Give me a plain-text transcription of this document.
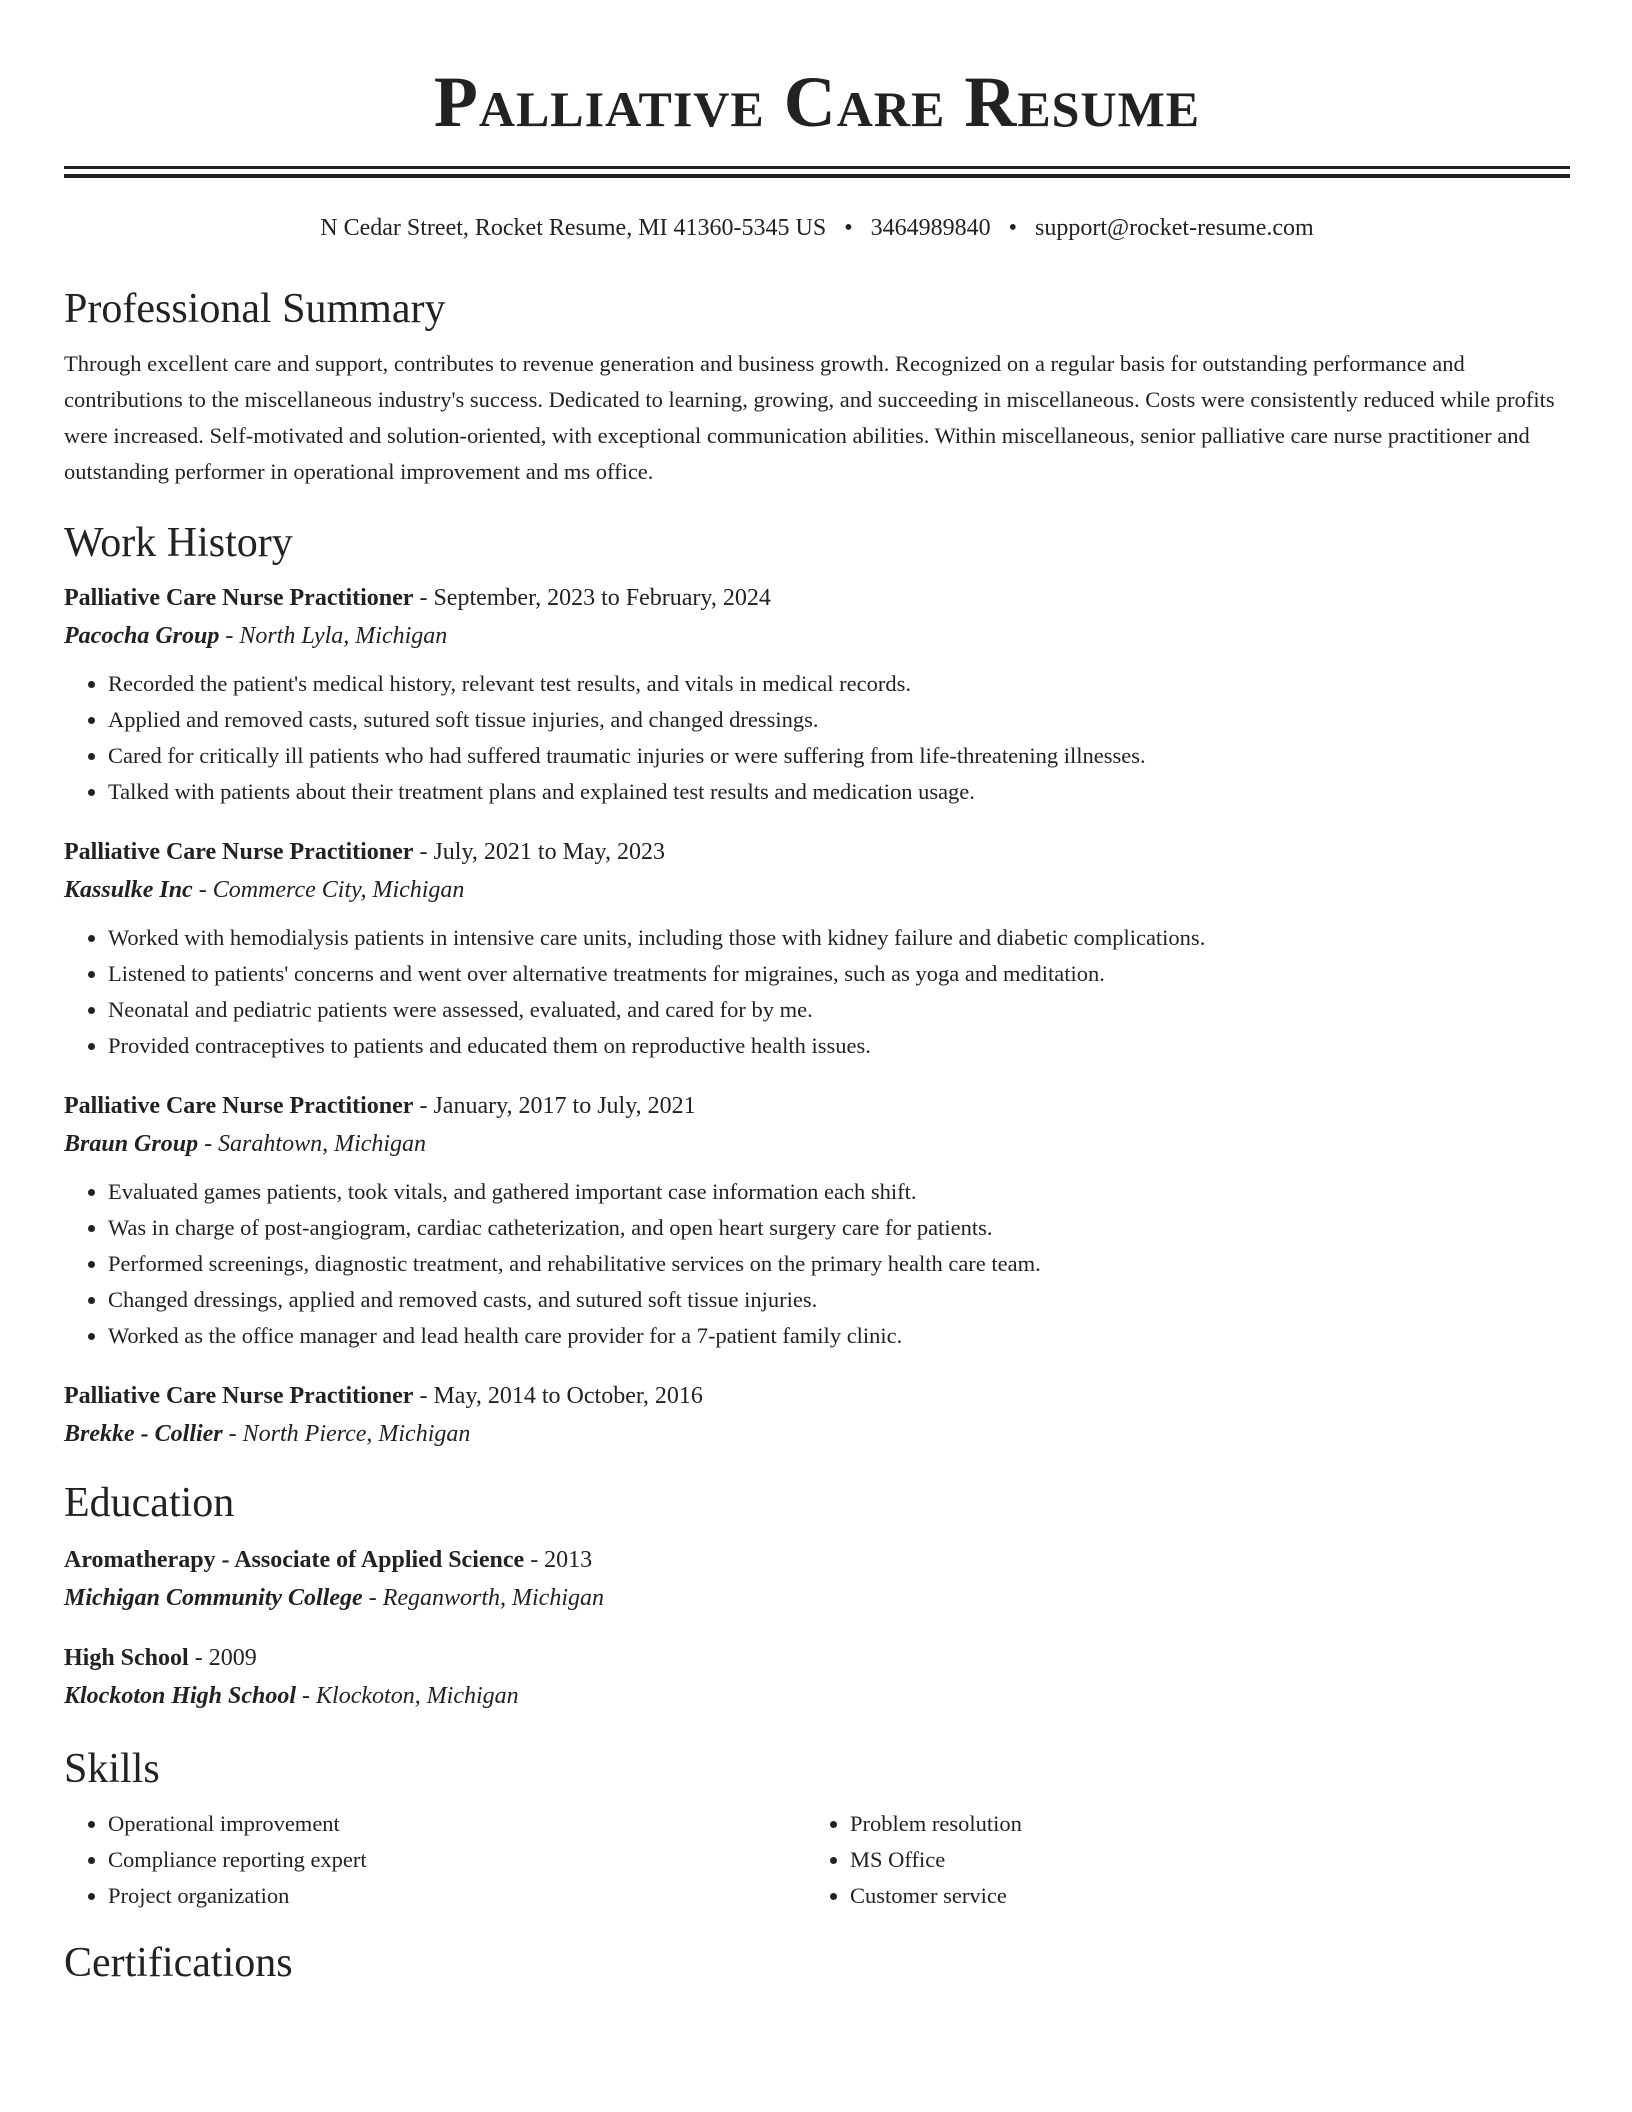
Palliative Care Resume
N Cedar Street, Rocket Resume, MI 41360-5345 US • 3464989840 • support@rocket-resume.com
Professional Summary
Through excellent care and support, contributes to revenue generation and business growth. Recognized on a regular basis for outstanding performance and contributions to the miscellaneous industry's success. Dedicated to learning, growing, and succeeding in miscellaneous. Costs were consistently reduced while profits were increased. Self-motivated and solution-oriented, with exceptional communication abilities. Within miscellaneous, senior palliative care nurse practitioner and outstanding performer in operational improvement and ms office.
Work History
Palliative Care Nurse Practitioner - September, 2023 to February, 2024
Pacocha Group - North Lyla, Michigan
• Recorded the patient's medical history, relevant test results, and vitals in medical records.
• Applied and removed casts, sutured soft tissue injuries, and changed dressings.
• Cared for critically ill patients who had suffered traumatic injuries or were suffering from life-threatening illnesses.
• Talked with patients about their treatment plans and explained test results and medication usage.
Palliative Care Nurse Practitioner - July, 2021 to May, 2023
Kassulke Inc - Commerce City, Michigan
• Worked with hemodialysis patients in intensive care units, including those with kidney failure and diabetic complications.
• Listened to patients' concerns and went over alternative treatments for migraines, such as yoga and meditation.
• Neonatal and pediatric patients were assessed, evaluated, and cared for by me.
• Provided contraceptives to patients and educated them on reproductive health issues.
Palliative Care Nurse Practitioner - January, 2017 to July, 2021
Braun Group - Sarahtown, Michigan
• Evaluated games patients, took vitals, and gathered important case information each shift.
• Was in charge of post-angiogram, cardiac catheterization, and open heart surgery care for patients.
• Performed screenings, diagnostic treatment, and rehabilitative services on the primary health care team.
• Changed dressings, applied and removed casts, and sutured soft tissue injuries.
• Worked as the office manager and lead health care provider for a 7-patient family clinic.
Palliative Care Nurse Practitioner - May, 2014 to October, 2016
Brekke - Collier - North Pierce, Michigan
Education
Aromatherapy - Associate of Applied Science - 2013
Michigan Community College - Reganworth, Michigan
High School - 2009
Klockoton High School - Klockoton, Michigan
Skills
• Operational improvement
• Compliance reporting expert
• Project organization
• Problem resolution
• MS Office
• Customer service
Certifications
